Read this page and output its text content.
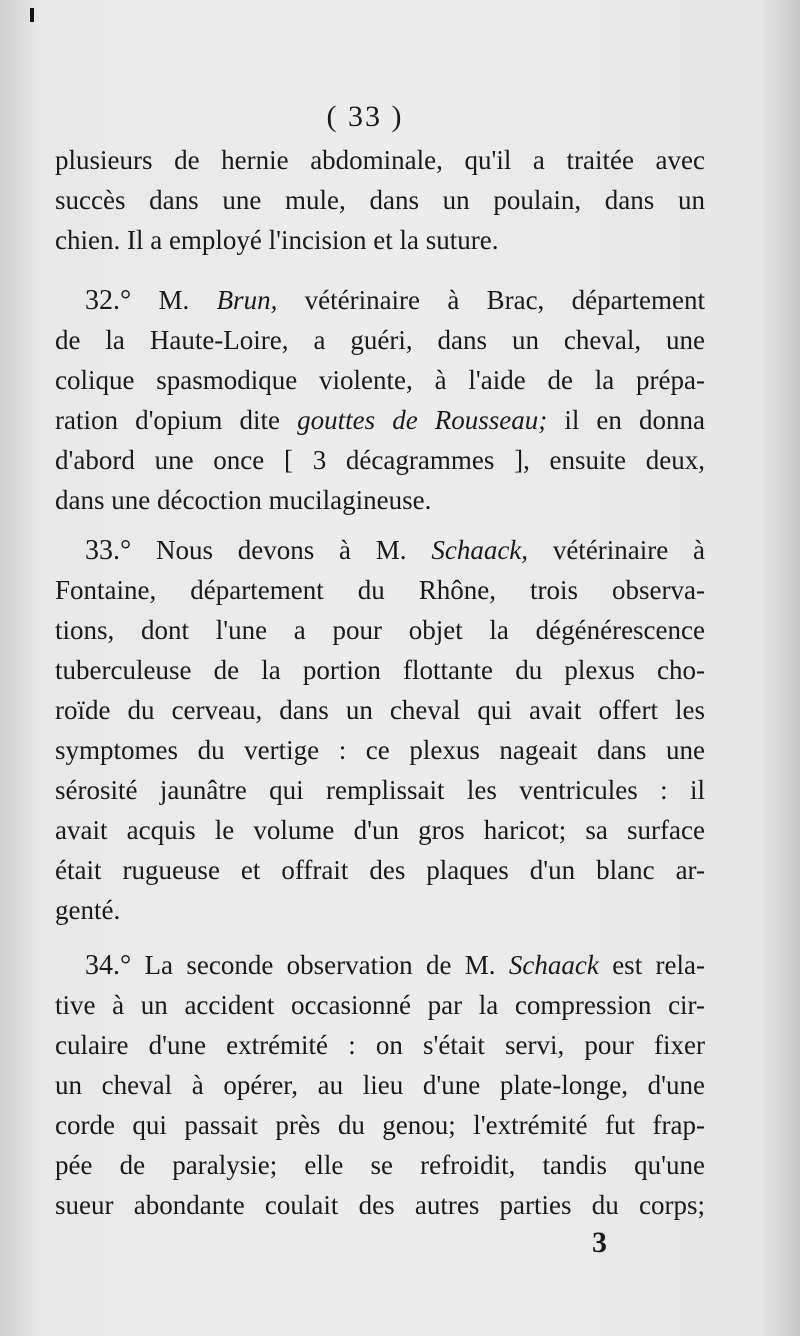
( 33 )
plusieurs de hernie abdominale, qu'il a traitée avec
succès dans une mule, dans un poulain, dans un
chien. Il a employé l'incision et la suture.
32.° M. Brun, vétérinaire à Brac, département
de la Haute-Loire, a guéri, dans un cheval, une
colique spasmodique violente, à l'aide de la prépa-
ration d'opium dite gouttes de Rousseau; il en donna
d'abord une once [ 3 décagrammes ], ensuite deux,
dans une décoction mucilagineuse.
33.° Nous devons à M. Schaack, vétérinaire à
Fontaine, département du Rhône, trois observa-
tions, dont l'une a pour objet la dégénérescence
tuberculeuse de la portion flottante du plexus cho-
roïde du cerveau, dans un cheval qui avait offert les
symptomes du vertige : ce plexus nageait dans une
sérosité jaunâtre qui remplissait les ventricules : il
avait acquis le volume d'un gros haricot; sa surface
était rugueuse et offrait des plaques d'un blanc ar-
genté.
34.° La seconde observation de M. Schaack est rela-
tive à un accident occasionné par la compression cir-
culaire d'une extrémité : on s'était servi, pour fixer
un cheval à opérer, au lieu d'une plate-longe, d'une
corde qui passait près du genou; l'extrémité fut frap-
pée de paralysie; elle se refroidit, tandis qu'une
sueur abondante coulait des autres parties du corps;
3
